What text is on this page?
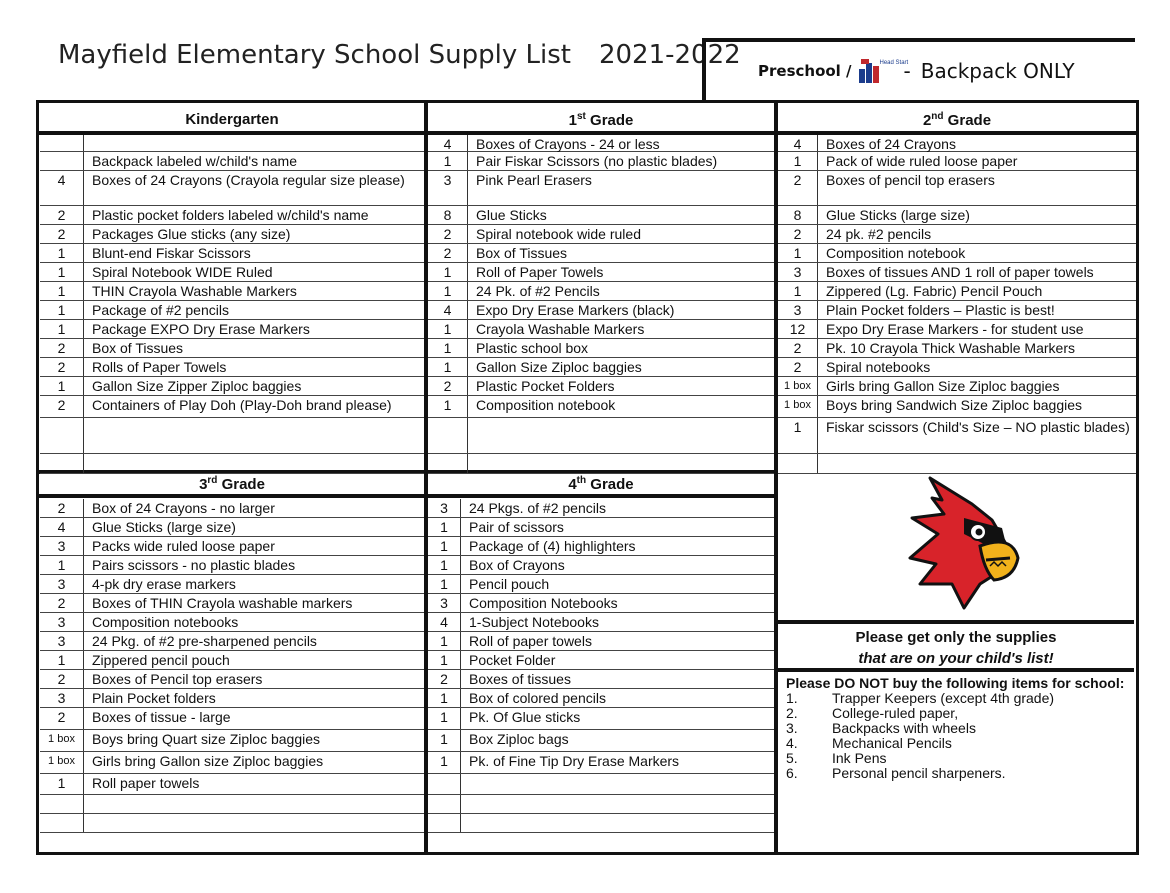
Mayfield Elementary School Supply List 2021-2022
Preschool /	Head Start
- Backpack ONLY
Kindergarten	1st Grade	2nd Grade
3rd Grade	4th Grade
Backpack labeled w/child's name
4	Boxes of 24 Crayons (Crayola regular size please)
2	Plastic pocket folders labeled w/child's name
2	Packages Glue sticks (any size)
1	Blunt-end Fiskar Scissors
1	Spiral Notebook WIDE Ruled
1	THIN Crayola Washable Markers
1	Package of #2 pencils
1	Package EXPO Dry Erase Markers
2	Box of Tissues
2	Rolls of Paper Towels
1	Gallon Size Zipper Ziploc baggies
2	Containers of Play Doh (Play-Doh brand please)
4	Boxes of Crayons - 24 or less
1	Pair Fiskar Scissors (no plastic blades)
3	Pink Pearl Erasers
8	Glue Sticks
2	Spiral notebook wide ruled
2	Box of Tissues
1	Roll of Paper Towels
1	24 Pk. of #2 Pencils
4	Expo Dry Erase Markers (black)
1	Crayola Washable Markers
1	Plastic school box
1	Gallon Size Ziploc baggies
2	Plastic Pocket Folders
1	Composition notebook
4	Boxes of 24 Crayons
1	Pack of wide ruled loose paper
2	Boxes of pencil top erasers
8	Glue Sticks (large size)
2	24 pk. #2 pencils
1	Composition notebook
3	Boxes of tissues AND 1 roll of paper towels
1	Zippered (Lg. Fabric) Pencil Pouch
3	Plain Pocket folders – Plastic is best!
12	Expo Dry Erase Markers - for student use
2	Pk. 10 Crayola Thick Washable Markers
2	Spiral notebooks
1 box	Girls bring Gallon Size Ziploc baggies
1 box	Boys bring Sandwich Size Ziploc baggies
1	Fiskar scissors (Child's Size – NO plastic blades)
2	Box of 24 Crayons - no larger
4	Glue Sticks (large size)
3	Packs wide ruled loose paper
1	Pairs scissors - no plastic blades
3	4-pk dry erase markers
2	Boxes of THIN Crayola washable markers
3	Composition notebooks
3	24 Pkg. of #2 pre-sharpened pencils
1	Zippered pencil pouch
2	Boxes of Pencil top erasers
3	Plain Pocket folders
2	Boxes of tissue - large
1 box	Boys bring Quart size Ziploc baggies
1 box	Girls bring Gallon size Ziploc baggies
1	Roll paper towels
3	24 Pkgs. of #2 pencils
1	Pair of scissors
1	Package of (4) highlighters
1	Box of Crayons
1	Pencil pouch
3	Composition Notebooks
4	1-Subject Notebooks
1	Roll of paper towels
1	Pocket Folder
2	Boxes of tissues
1	Box of colored pencils
1	Pk. Of Glue sticks
1	Box Ziploc bags
1	Pk. of Fine Tip Dry Erase Markers
Please get only the supplies
that are on your child's list!
Please DO NOT buy the following items for school:
1.	Trapper Keepers (except 4th grade)
2.	College-ruled paper,
3.	Backpacks with wheels
4.	Mechanical Pencils
5.	Ink Pens
6.	Personal pencil sharpeners.
